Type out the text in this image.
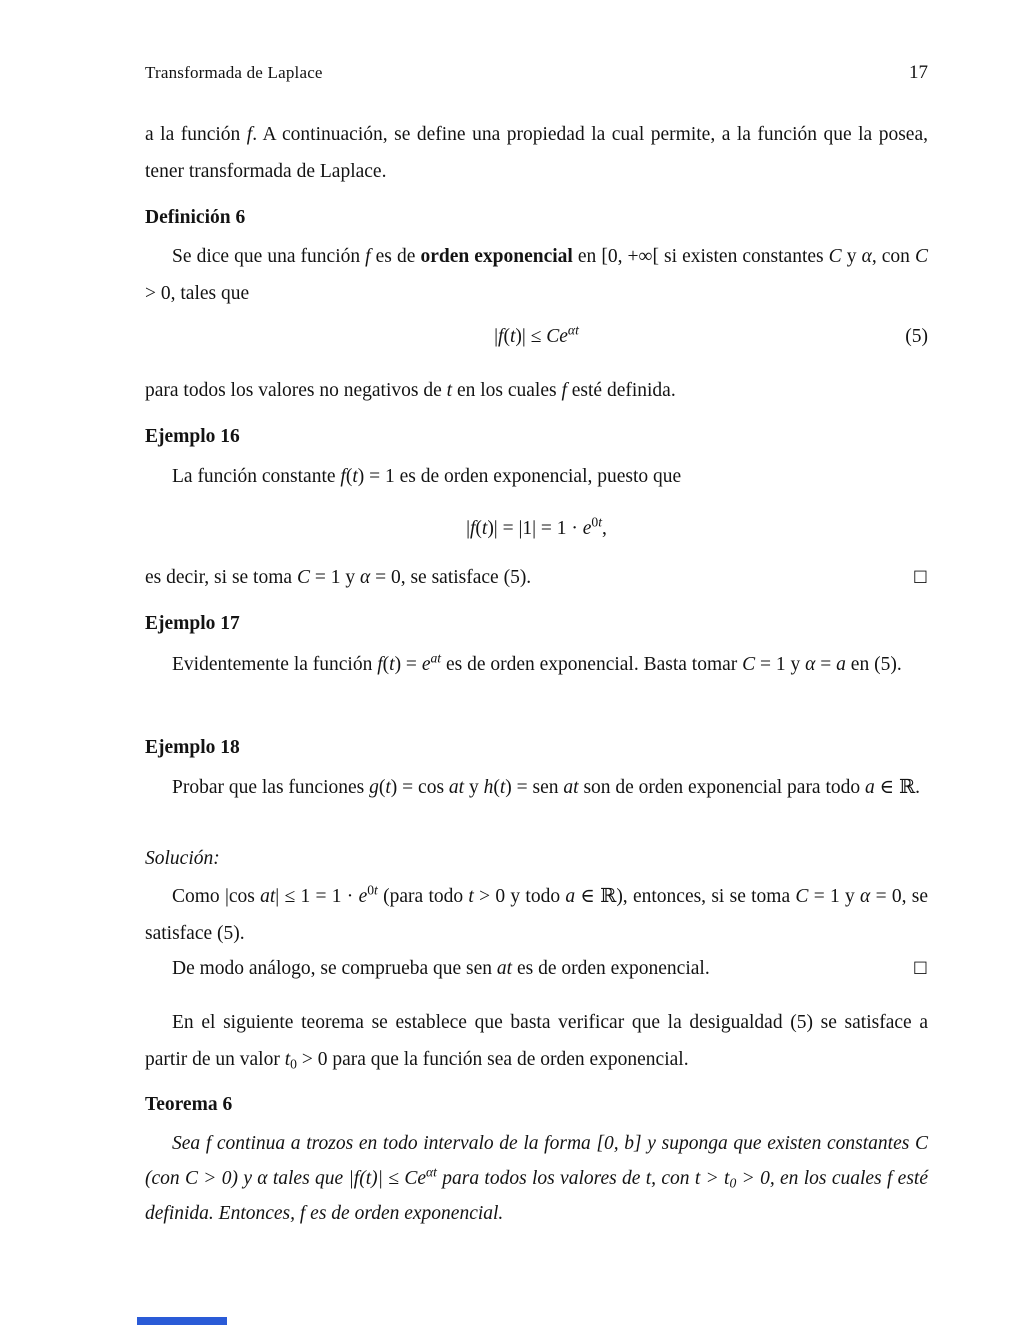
Transformada de Laplace	17

a la función f. A continuación, se define una propiedad la cual permite, a la función que la posea, tener transformada de Laplace.

Definición 6

Se dice que una función f es de orden exponencial en [0, +∞[ si existen constantes C y α, con C > 0, tales que

$|f(t)| \le Ce^{\alpha t}$	(5)

para todos los valores no negativos de t en los cuales f esté definida.

Ejemplo 16

La función constante f(t) = 1 es de orden exponencial, puesto que

$|f(t)| = |1| = 1 \cdot e^{0t}$,

□
es decir, si se toma C = 1 y α = 0, se satisface (5).

Ejemplo 17

Evidentemente la función $f(t) = e^{at}$ es de orden exponencial. Basta tomar C = 1 y α = a en (5).

Ejemplo 18

Probar que las funciones g(t) = cos at y h(t) = sen at son de orden exponencial para todo a ∈ ℝ.

Solución:

Como |cos $at| \le 1 = 1 \cdot e^{0t}$ (para todo t > 0 y todo a ∈ ℝ), entonces, si se toma C = 1 y α = 0, se satisface (5).

□
De modo análogo, se comprueba que sen at es de orden exponencial.

En el siguiente teorema se establece que basta verificar que la desigualdad (5) se satisface a partir de un valor t0 > 0 para que la función sea de orden exponencial.

Teorema 6

Sea f continua a trozos en todo intervalo de la forma [0, b] y suponga que existen constantes C (con C > 0) y α tales que $|f(t)| \le Ce^{\alpha t}$ para todos los valores de t, con t > t0 > 0, en los cuales f esté definida. Entonces, f es de orden exponencial.
